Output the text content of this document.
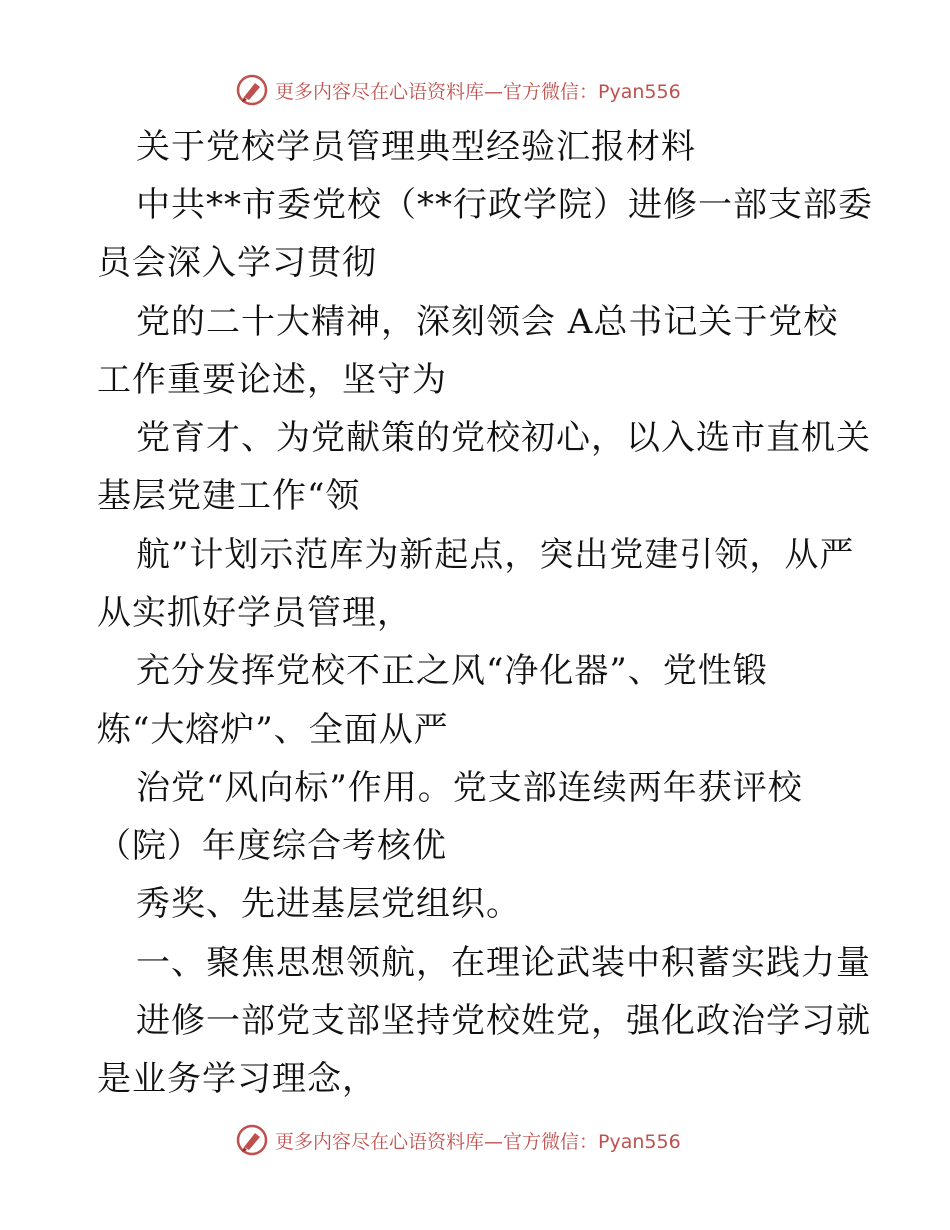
更多内容尽在心语资料库—官方微信：Pyan556
关于党校学员管理典型经验汇报材料
中共**市委党校（**行政学院）进修一部支部委
员会深入学习贯彻
党的二十大精神，深刻领会 A总书记关于党校
工作重要论述，坚守为
党育才、为党献策的党校初心，以入选市直机关
基层党建工作“领
航”计划示范库为新起点，突出党建引领，从严
从实抓好学员管理，
充分发挥党校不正之风“净化器”、党性锻
炼“大熔炉”、全面从严
治党“风向标”作用。党支部连续两年获评校
（院）年度综合考核优
秀奖、先进基层党组织。
一、聚焦思想领航，在理论武装中积蓄实践力量
进修一部党支部坚持党校姓党，强化政治学习就
是业务学习理念，
更多内容尽在心语资料库—官方微信：Pyan556
